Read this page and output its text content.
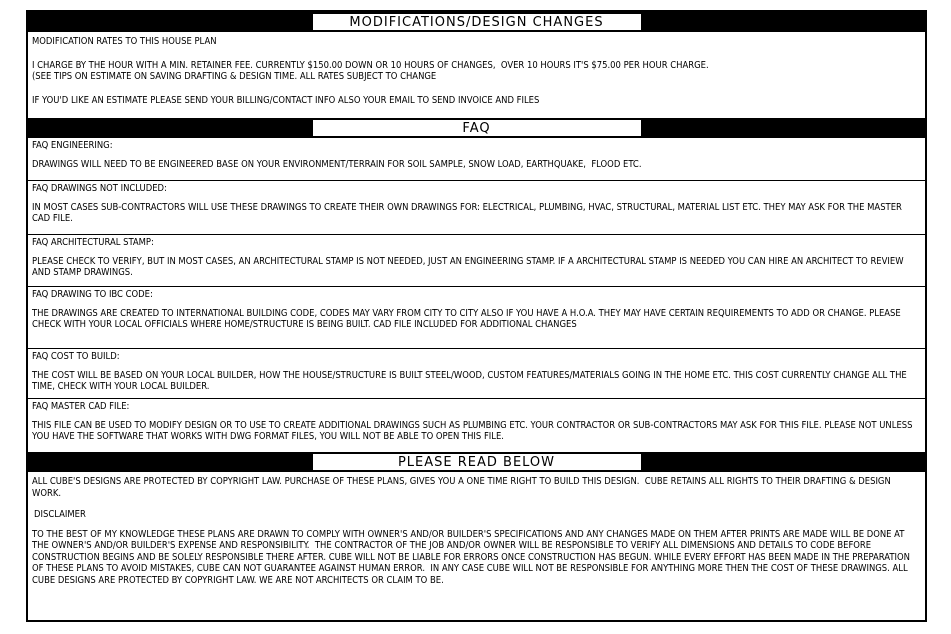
MODIFICATIONS/DESIGN CHANGES

MODIFICATION RATES TO THIS HOUSE PLAN

I CHARGE BY THE HOUR WITH A MIN. RETAINER FEE. CURRENTLY $150.00 DOWN OR 10 HOURS OF CHANGES,  OVER 10 HOURS IT'S $75.00 PER HOUR CHARGE.

(SEE TIPS ON ESTIMATE ON SAVING DRAFTING & DESIGN TIME. ALL RATES SUBJECT TO CHANGE

IF YOU'D LIKE AN ESTIMATE PLEASE SEND YOUR BILLING/CONTACT INFO ALSO YOUR EMAIL TO SEND INVOICE AND FILES

FAQ

FAQ ENGINEERING:

DRAWINGS WILL NEED TO BE ENGINEERED BASE ON YOUR ENVIRONMENT/TERRAIN FOR SOIL SAMPLE, SNOW LOAD, EARTHQUAKE,  FLOOD ETC.

FAQ DRAWINGS NOT INCLUDED:

IN MOST CASES SUB-CONTRACTORS WILL USE THESE DRAWINGS TO CREATE THEIR OWN DRAWINGS FOR: ELECTRICAL, PLUMBING, HVAC, STRUCTURAL, MATERIAL LIST ETC. THEY MAY ASK FOR THE MASTER CAD FILE.

FAQ ARCHITECTURAL STAMP:

PLEASE CHECK TO VERIFY, BUT IN MOST CASES, AN ARCHITECTURAL STAMP IS NOT NEEDED, JUST AN ENGINEERING STAMP. IF A ARCHITECTURAL STAMP IS NEEDED YOU CAN HIRE AN ARCHITECT TO REVIEW AND STAMP DRAWINGS.

FAQ DRAWING TO IBC CODE:

THE DRAWINGS ARE CREATED TO INTERNATIONAL BUILDING CODE, CODES MAY VARY FROM CITY TO CITY ALSO IF YOU HAVE A H.O.A. THEY MAY HAVE CERTAIN REQUIREMENTS TO ADD OR CHANGE. PLEASE CHECK WITH YOUR LOCAL OFFICIALS WHERE HOME/STRUCTURE IS BEING BUILT. CAD FILE INCLUDED FOR ADDITIONAL CHANGES

FAQ COST TO BUILD:

THE COST WILL BE BASED ON YOUR LOCAL BUILDER, HOW THE HOUSE/STRUCTURE IS BUILT STEEL/WOOD, CUSTOM FEATURES/MATERIALS GOING IN THE HOME ETC. THIS COST CURRENTLY CHANGE ALL THE TIME, CHECK WITH YOUR LOCAL BUILDER.

FAQ MASTER CAD FILE:

THIS FILE CAN BE USED TO MODIFY DESIGN OR TO USE TO CREATE ADDITIONAL DRAWINGS SUCH AS PLUMBING ETC. YOUR CONTRACTOR OR SUB-CONTRACTORS MAY ASK FOR THIS FILE. PLEASE NOT UNLESS YOU HAVE THE SOFTWARE THAT WORKS WITH DWG FORMAT FILES, YOU WILL NOT BE ABLE TO OPEN THIS FILE.

PLEASE READ BELOW

ALL CUBE'S DESIGNS ARE PROTECTED BY COPYRIGHT LAW. PURCHASE OF THESE PLANS, GIVES YOU A ONE TIME RIGHT TO BUILD THIS DESIGN.  CUBE RETAINS ALL RIGHTS TO THEIR DRAFTING & DESIGN WORK.

DISCLAIMER

TO THE BEST OF MY KNOWLEDGE THESE PLANS ARE DRAWN TO COMPLY WITH OWNER'S AND/OR BUILDER'S SPECIFICATIONS AND ANY CHANGES MADE ON THEM AFTER PRINTS ARE MADE WILL BE DONE AT THE OWNER'S AND/OR BUILDER'S EXPENSE AND RESPONSIBILITY.  THE CONTRACTOR OF THE JOB AND/OR OWNER WILL BE RESPONSIBLE TO VERIFY ALL DIMENSIONS AND DETAILS TO CODE BEFORE CONSTRUCTION BEGINS AND BE SOLELY RESPONSIBLE THERE AFTER. CUBE WILL NOT BE LIABLE FOR ERRORS ONCE CONSTRUCTION HAS BEGUN. WHILE EVERY EFFORT HAS BEEN MADE IN THE PREPARATION OF THESE PLANS TO AVOID MISTAKES, CUBE CAN NOT GUARANTEE AGAINST HUMAN ERROR.  IN ANY CASE CUBE WILL NOT BE RESPONSIBLE FOR ANYTHING MORE THEN THE COST OF THESE DRAWINGS. ALL CUBE DESIGNS ARE PROTECTED BY COPYRIGHT LAW. WE ARE NOT ARCHITECTS OR CLAIM TO BE.
